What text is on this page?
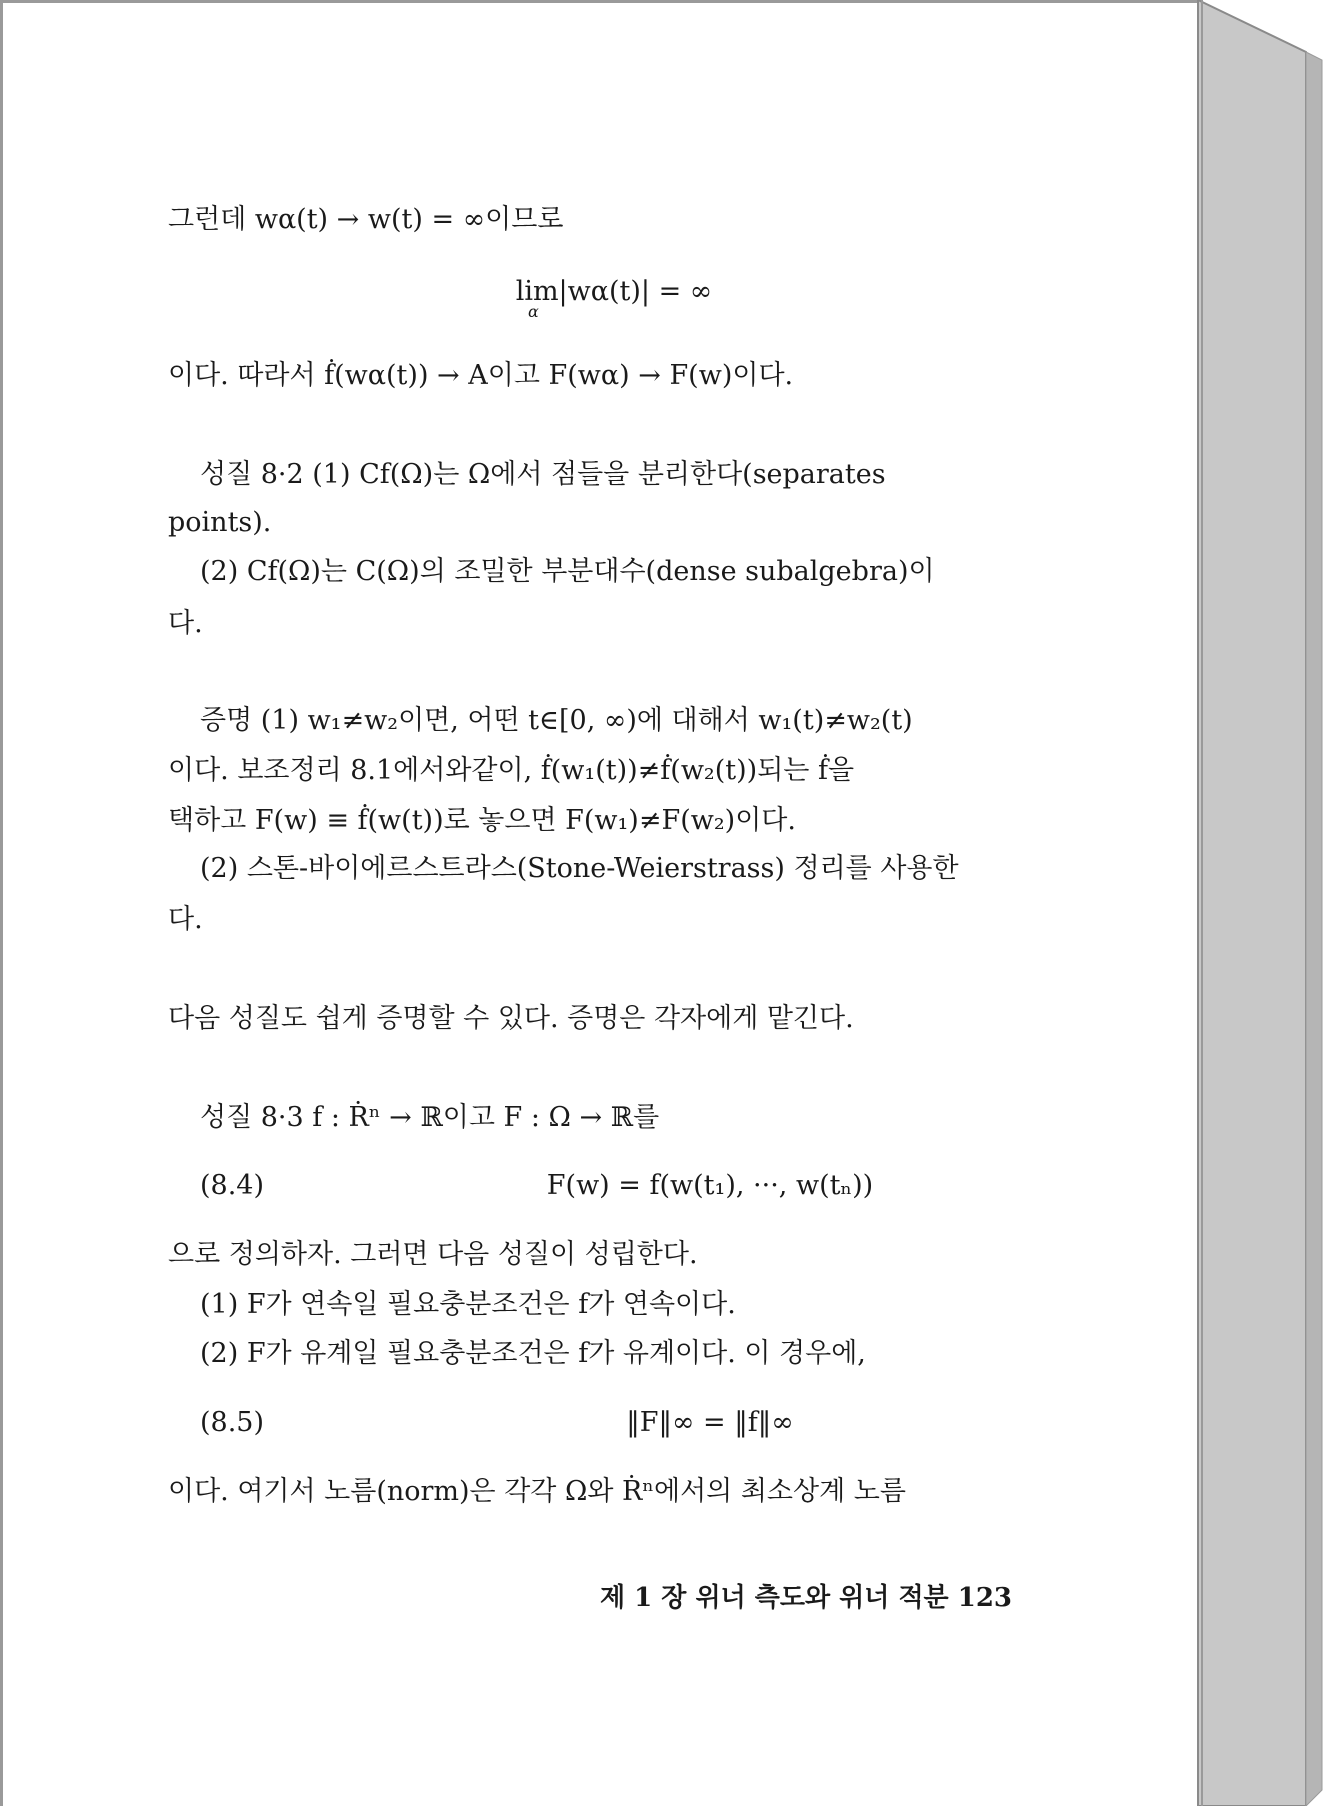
그런데 wα(t) → w(t) = ∞이므로
lim|wα(t)| = ∞
α
이다. 따라서 ḟ(wα(t)) → A이고 F(wα) → F(w)이다.
성질 8·2 (1) Cf(Ω)는 Ω에서 점들을 분리한다(separates
points).
(2) Cf(Ω)는 C(Ω)의 조밀한 부분대수(dense subalgebra)이
다.
증명 (1) w₁≠w₂이면, 어떤 t∈[0, ∞)에 대해서 w₁(t)≠w₂(t)
이다. 보조정리 8.1에서와같이, ḟ(w₁(t))≠ḟ(w₂(t))되는 ḟ을
택하고 F(w) ≡ ḟ(w(t))로 놓으면 F(w₁)≠F(w₂)이다.
(2) 스톤-바이에르스트라스(Stone-Weierstrass) 정리를 사용한
다.
다음 성질도 쉽게 증명할 수 있다. 증명은 각자에게 맡긴다.
성질 8·3 f : Ṙⁿ → ℝ이고 F : Ω → ℝ를
(8.4)	F(w) = f(w(t₁), ···, w(tₙ))
으로 정의하자. 그러면 다음 성질이 성립한다.
(1) F가 연속일 필요충분조건은 f가 연속이다.
(2) F가 유계일 필요충분조건은 f가 유계이다. 이 경우에,
(8.5)	‖F‖∞ = ‖f‖∞
이다. 여기서 노름(norm)은 각각 Ω와 Ṙⁿ에서의 최소상계 노름
제 1 장 위너 측도와 위너 적분 123
